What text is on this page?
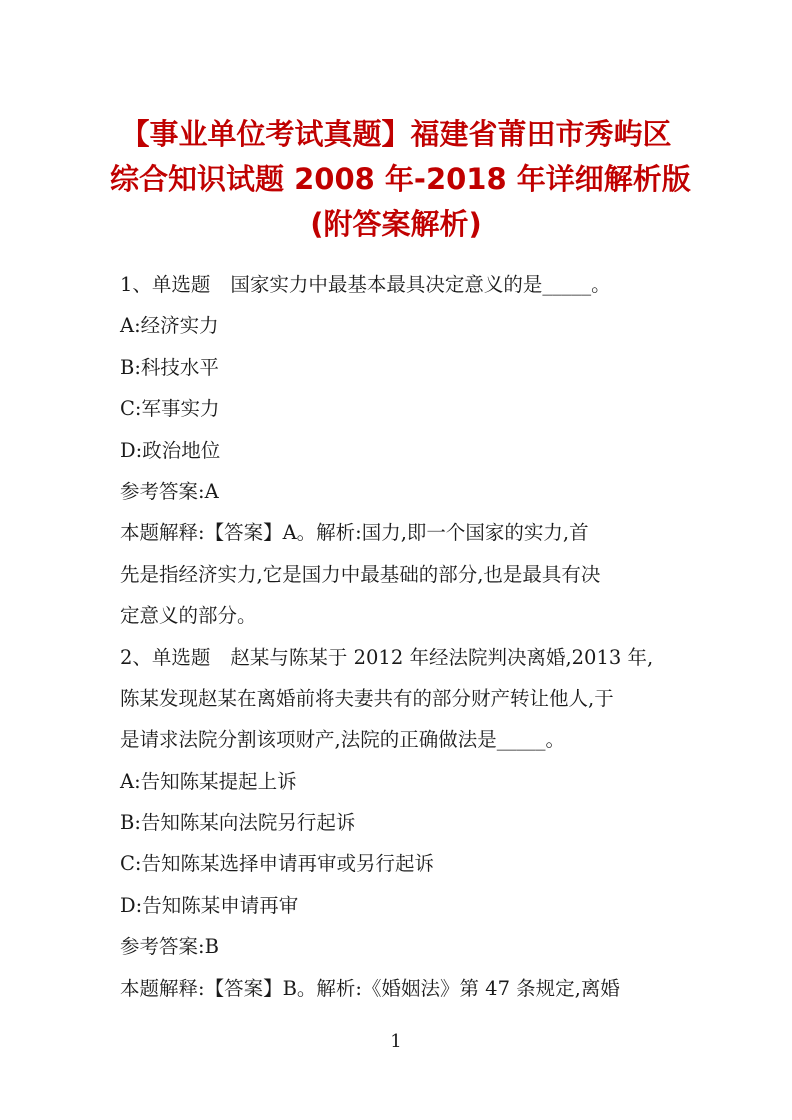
【事业单位考试真题】福建省莆田市秀屿区
综合知识试题 2008 年-2018 年详细解析版
(附答案解析)
1、单选题 国家实力中最基本最具决定意义的是_____。
A:经济实力
B:科技水平
C:军事实力
D:政治地位
参考答案:A
本题解释:【答案】A。解析:国力,即一个国家的实力,首
先是指经济实力,它是国力中最基础的部分,也是最具有决
定意义的部分。
2、单选题 赵某与陈某于 2012 年经法院判决离婚,2013 年,
陈某发现赵某在离婚前将夫妻共有的部分财产转让他人,于
是请求法院分割该项财产,法院的正确做法是_____。
A:告知陈某提起上诉
B:告知陈某向法院另行起诉
C:告知陈某选择申请再审或另行起诉
D:告知陈某申请再审
参考答案:B
本题解释:【答案】B。解析:《婚姻法》第 47 条规定,离婚
1
